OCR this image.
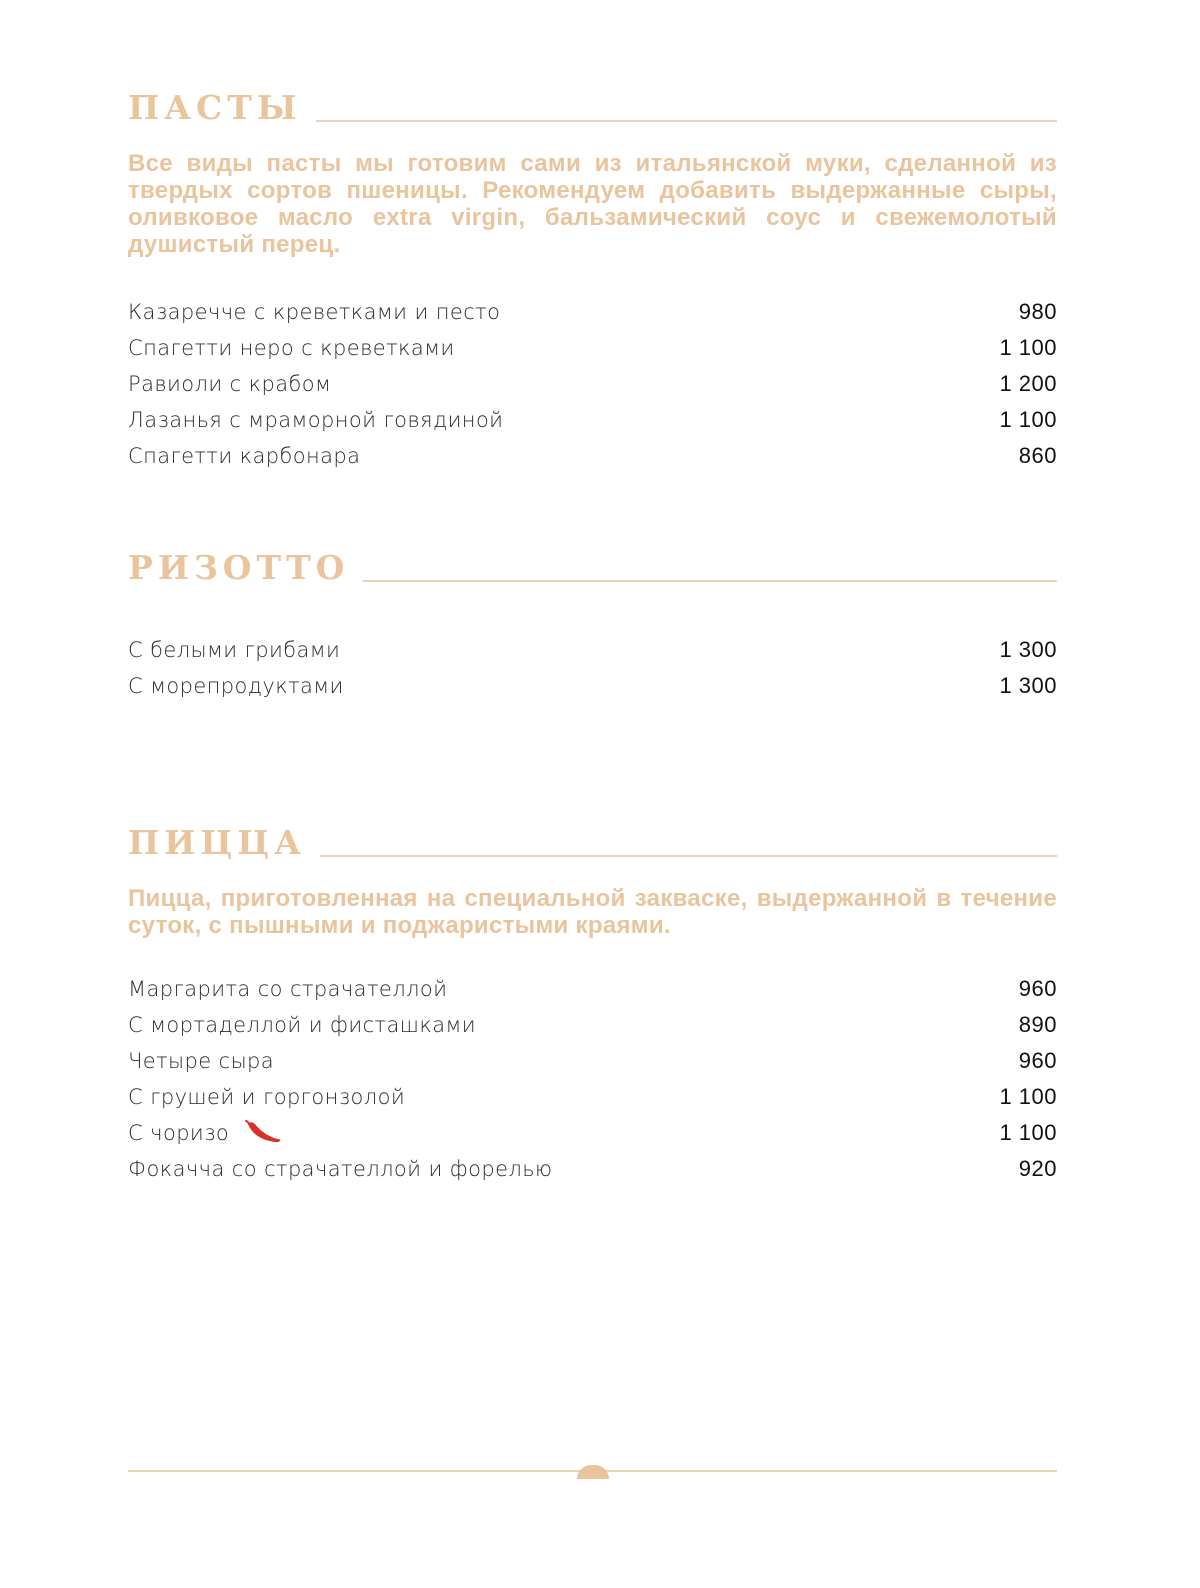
ПАСТЫ

Все виды пасты мы готовим сами из итальянской муки, сделанной из твердых сортов пшеницы. Рекомендуем добавить выдержанные сыры, оливковое масло extra virgin, бальзамический соус и свежемолотый душистый перец.

Казаречче с креветками и песто	980
Спагетти неро с креветками	1 100
Равиоли с крабом	1 200
Лазанья с мраморной говядиной	1 100
Спагетти карбонара	860
РИЗОТТО
С белыми грибами	1 300
С морепродуктами	1 300
ПИЦЦА

Пицца, приготовленная на специальной закваске, выдержанной в течение суток, с пышными и поджаристыми краями.

Маргарита со страчателлой	960
С мортаделлой и фисташками	890
Четыре сыра	960
С грушей и горгонзолой	1 100
С чоризо	1 100
Фокачча со страчателлой и форелью	920
